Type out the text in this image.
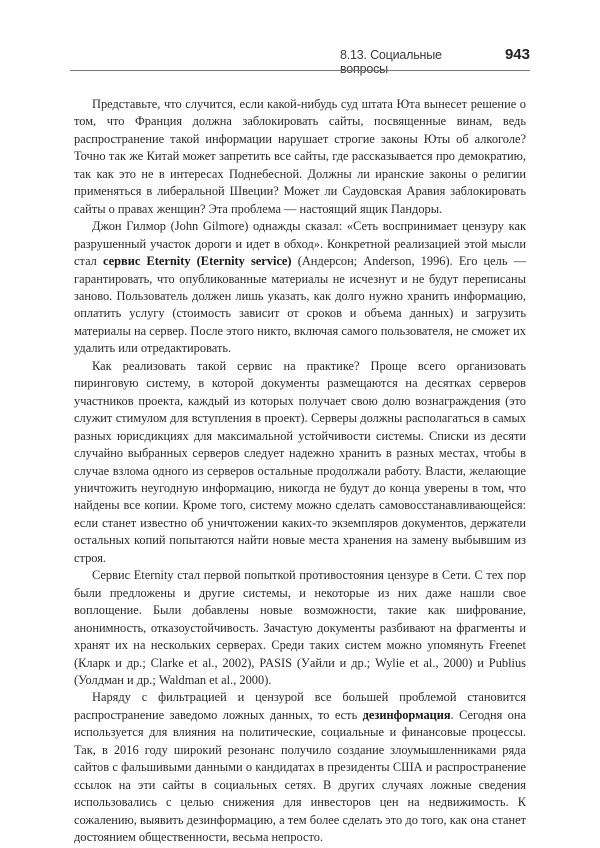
8.13. Социальные вопросы
943

Представьте, что случится, если какой-нибудь суд штата Юта вынесет решение о том, что Франция должна заблокировать сайты, посвященные винам, ведь распространение такой информации нарушает строгие законы Юты об алкоголе? Точно так же Китай может запретить все сайты, где рассказывается про демократию, так как это не в интересах Поднебесной. Должны ли иранские законы о религии применяться в либеральной Швеции? Может ли Саудовская Аравия заблокировать сайты о правах женщин? Эта проблема — настоящий ящик Пандоры.

Джон Гилмор (John Gilmore) однажды сказал: «Сеть воспринимает цензуру как разрушенный участок дороги и идет в обход». Конкретной реализацией этой мысли стал сервис Eternity (Eternity service) (Андерсон; Anderson, 1996). Его цель — гарантировать, что опубликованные материалы не исчезнут и не будут переписаны заново. Пользователь должен лишь указать, как долго нужно хранить информацию, оплатить услугу (стоимость зависит от сроков и объема данных) и загрузить материалы на сервер. После этого никто, включая самого пользователя, не сможет их удалить или отредактировать.

Как реализовать такой сервис на практике? Проще всего организовать пиринговую систему, в которой документы размещаются на десятках серверов участников проекта, каждый из которых получает свою долю вознаграждения (это служит стимулом для вступления в проект). Серверы должны располагаться в самых разных юрисдикциях для максимальной устойчивости системы. Списки из десяти случайно выбранных серверов следует надежно хранить в разных местах, чтобы в случае взлома одного из серверов остальные продолжали работу. Власти, желающие уничтожить неугодную информацию, никогда не будут до конца уверены в том, что найдены все копии. Кроме того, систему можно сделать самовосстанавливающейся: если станет известно об уничтожении каких-то экземпляров документов, держатели остальных копий попытаются найти новые места хранения на замену выбывшим из строя.

Сервис Eternity стал первой попыткой противостояния цензуре в Сети. С тех пор были предложены и другие системы, и некоторые из них даже нашли свое воплощение. Были добавлены новые возможности, такие как шифрование, анонимность, отказоустойчивость. Зачастую документы разбивают на фрагменты и хранят их на нескольких серверах. Среди таких систем можно упомянуть Freenet (Кларк и др.; Clarke et al., 2002), PASIS (Уайли и др.; Wylie et al., 2000) и Publius (Уолдман и др.; Waldman et al., 2000).

Наряду с фильтрацией и цензурой все большей проблемой становится распространение заведомо ложных данных, то есть дезинформация. Сегодня она используется для влияния на политические, социальные и финансовые процессы. Так, в 2016 году широкий резонанс получило создание злоумышленниками ряда сайтов с фальшивыми данными о кандидатах в президенты США и распространение ссылок на эти сайты в социальных сетях. В других случаях ложные сведения использовались с целью снижения для инвесторов цен на недвижимость. К сожалению, выявить дезинформацию, а тем более сделать это до того, как она станет достоянием общественности, весьма непросто.
